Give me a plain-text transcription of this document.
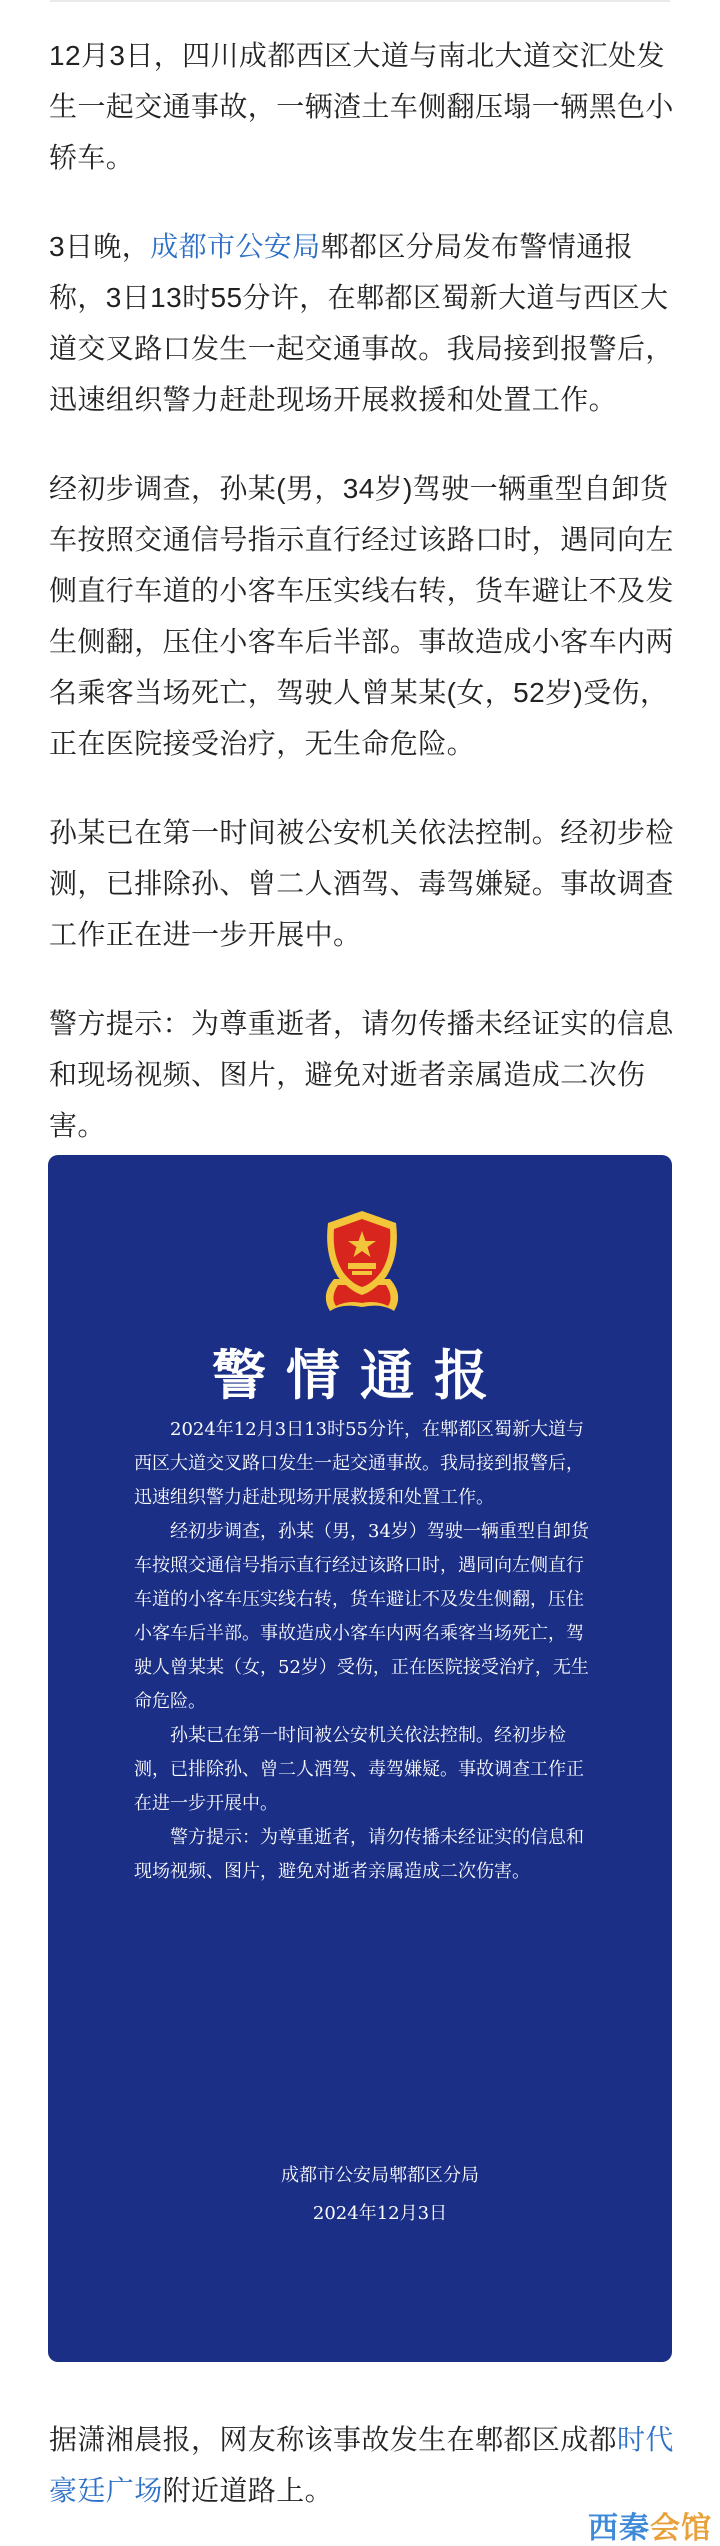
12月3日，四川成都西区大道与南北大道交汇处发生一起交通事故，一辆渣土车侧翻压塌一辆黑色小轿车。

3日晚，成都市公安局郫都区分局发布警情通报称，3日13时55分许，在郫都区蜀新大道与西区大道交叉路口发生一起交通事故。我局接到报警后，迅速组织警力赶赴现场开展救援和处置工作。

经初步调查，孙某(男，34岁)驾驶一辆重型自卸货车按照交通信号指示直行经过该路口时，遇同向左侧直行车道的小客车压实线右转，货车避让不及发生侧翻，压住小客车后半部。事故造成小客车内两名乘客当场死亡，驾驶人曾某某(女，52岁)受伤，正在医院接受治疗，无生命危险。

孙某已在第一时间被公安机关依法控制。经初步检测，已排除孙、曾二人酒驾、毒驾嫌疑。事故调查工作正在进一步开展中。

警方提示：为尊重逝者，请勿传播未经证实的信息和现场视频、图片，避免对逝者亲属造成二次伤害。

警情通报

2024年12月3日13时55分许，在郫都区蜀新大道与西区大道交叉路口发生一起交通事故。我局接到报警后，迅速组织警力赶赴现场开展救援和处置工作。

经初步调查，孙某（男，34岁）驾驶一辆重型自卸货车按照交通信号指示直行经过该路口时，遇同向左侧直行车道的小客车压实线右转，货车避让不及发生侧翻，压住小客车后半部。事故造成小客车内两名乘客当场死亡，驾驶人曾某某（女，52岁）受伤，正在医院接受治疗，无生命危险。

孙某已在第一时间被公安机关依法控制。经初步检测，已排除孙、曾二人酒驾、毒驾嫌疑。事故调查工作正在进一步开展中。

警方提示：为尊重逝者，请勿传播未经证实的信息和现场视频、图片，避免对逝者亲属造成二次伤害。

成都市公安局郫都区分局
2024年12月3日

据潇湘晨报，网友称该事故发生在郫都区成都时代豪廷广场附近道路上。

西秦会馆
